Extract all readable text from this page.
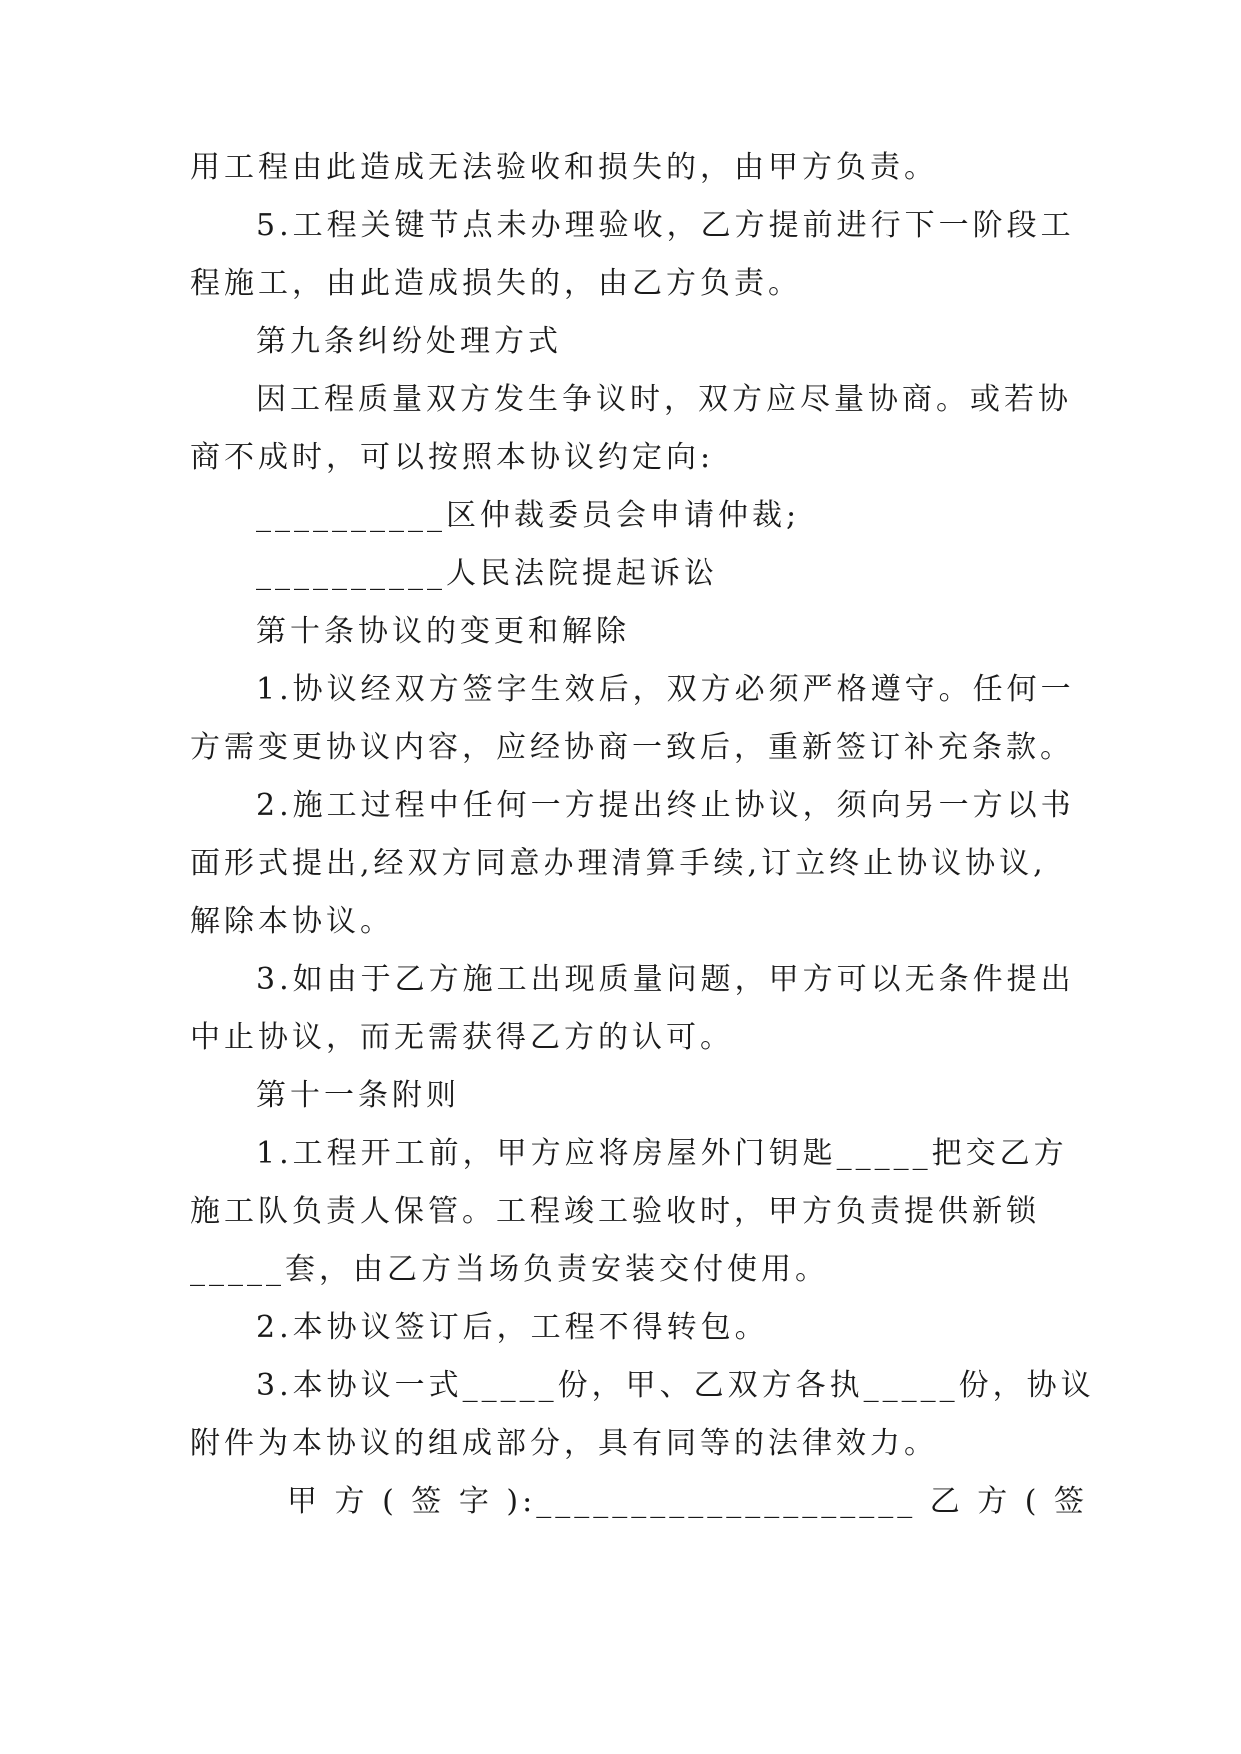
用工程由此造成无法验收和损失的，由甲方负责。
5.工程关键节点未办理验收，乙方提前进行下一阶段工
程施工，由此造成损失的，由乙方负责。
第九条纠纷处理方式
因工程质量双方发生争议时，双方应尽量协商。或若协
商不成时，可以按照本协议约定向:
__________区仲裁委员会申请仲裁;
__________人民法院提起诉讼
第十条协议的变更和解除
1.协议经双方签字生效后，双方必须严格遵守。任何一
方需变更协议内容，应经协商一致后，重新签订补充条款。
2.施工过程中任何一方提出终止协议，须向另一方以书
面形式提出,经双方同意办理清算手续,订立终止协议协议,
解除本协议。
3.如由于乙方施工出现质量问题，甲方可以无条件提出
中止协议，而无需获得乙方的认可。
第十一条附则
1.工程开工前，甲方应将房屋外门钥匙_____把交乙方
施工队负责人保管。工程竣工验收时，甲方负责提供新锁
_____套，由乙方当场负责安装交付使用。
2.本协议签订后，工程不得转包。
3.本协议一式_____份，甲、乙双方各执_____份，协议
附件为本协议的组成部分，具有同等的法律效力。
甲 方 ( 签 字 ):____________________ 乙 方 ( 签
